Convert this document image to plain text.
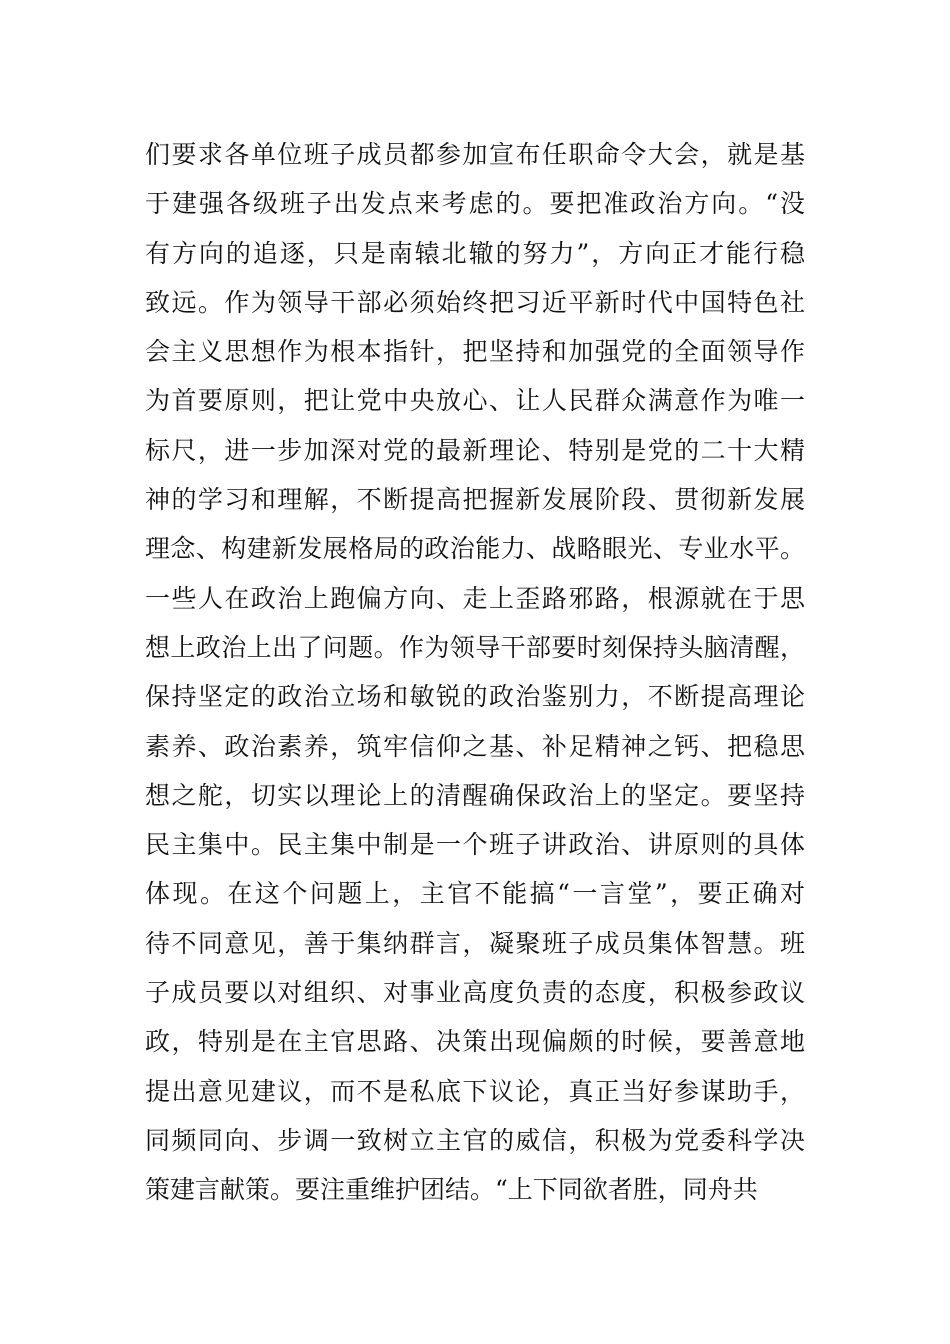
们要求各单位班子成员都参加宣布任职命令大会，就是基
于建强各级班子出发点来考虑的。要把准政治方向。“没
有方向的追逐，只是南辕北辙的努力”，方向正才能行稳
致远。作为领导干部必须始终把习近平新时代中国特色社
会主义思想作为根本指针，把坚持和加强党的全面领导作
为首要原则，把让党中央放心、让人民群众满意作为唯一
标尺，进一步加深对党的最新理论、特别是党的二十大精
神的学习和理解，不断提高把握新发展阶段、贯彻新发展
理念、构建新发展格局的政治能力、战略眼光、专业水平。
一些人在政治上跑偏方向、走上歪路邪路，根源就在于思
想上政治上出了问题。作为领导干部要时刻保持头脑清醒，
保持坚定的政治立场和敏锐的政治鉴别力，不断提高理论
素养、政治素养，筑牢信仰之基、补足精神之钙、把稳思
想之舵，切实以理论上的清醒确保政治上的坚定。要坚持
民主集中。民主集中制是一个班子讲政治、讲原则的具体
体现。在这个问题上，主官不能搞“一言堂”，要正确对
待不同意见，善于集纳群言，凝聚班子成员集体智慧。班
子成员要以对组织、对事业高度负责的态度，积极参政议
政，特别是在主官思路、决策出现偏颇的时候，要善意地
提出意见建议，而不是私底下议论，真正当好参谋助手，
同频同向、步调一致树立主官的威信，积极为党委科学决
策建言献策。要注重维护团结。“上下同欲者胜，同舟共
